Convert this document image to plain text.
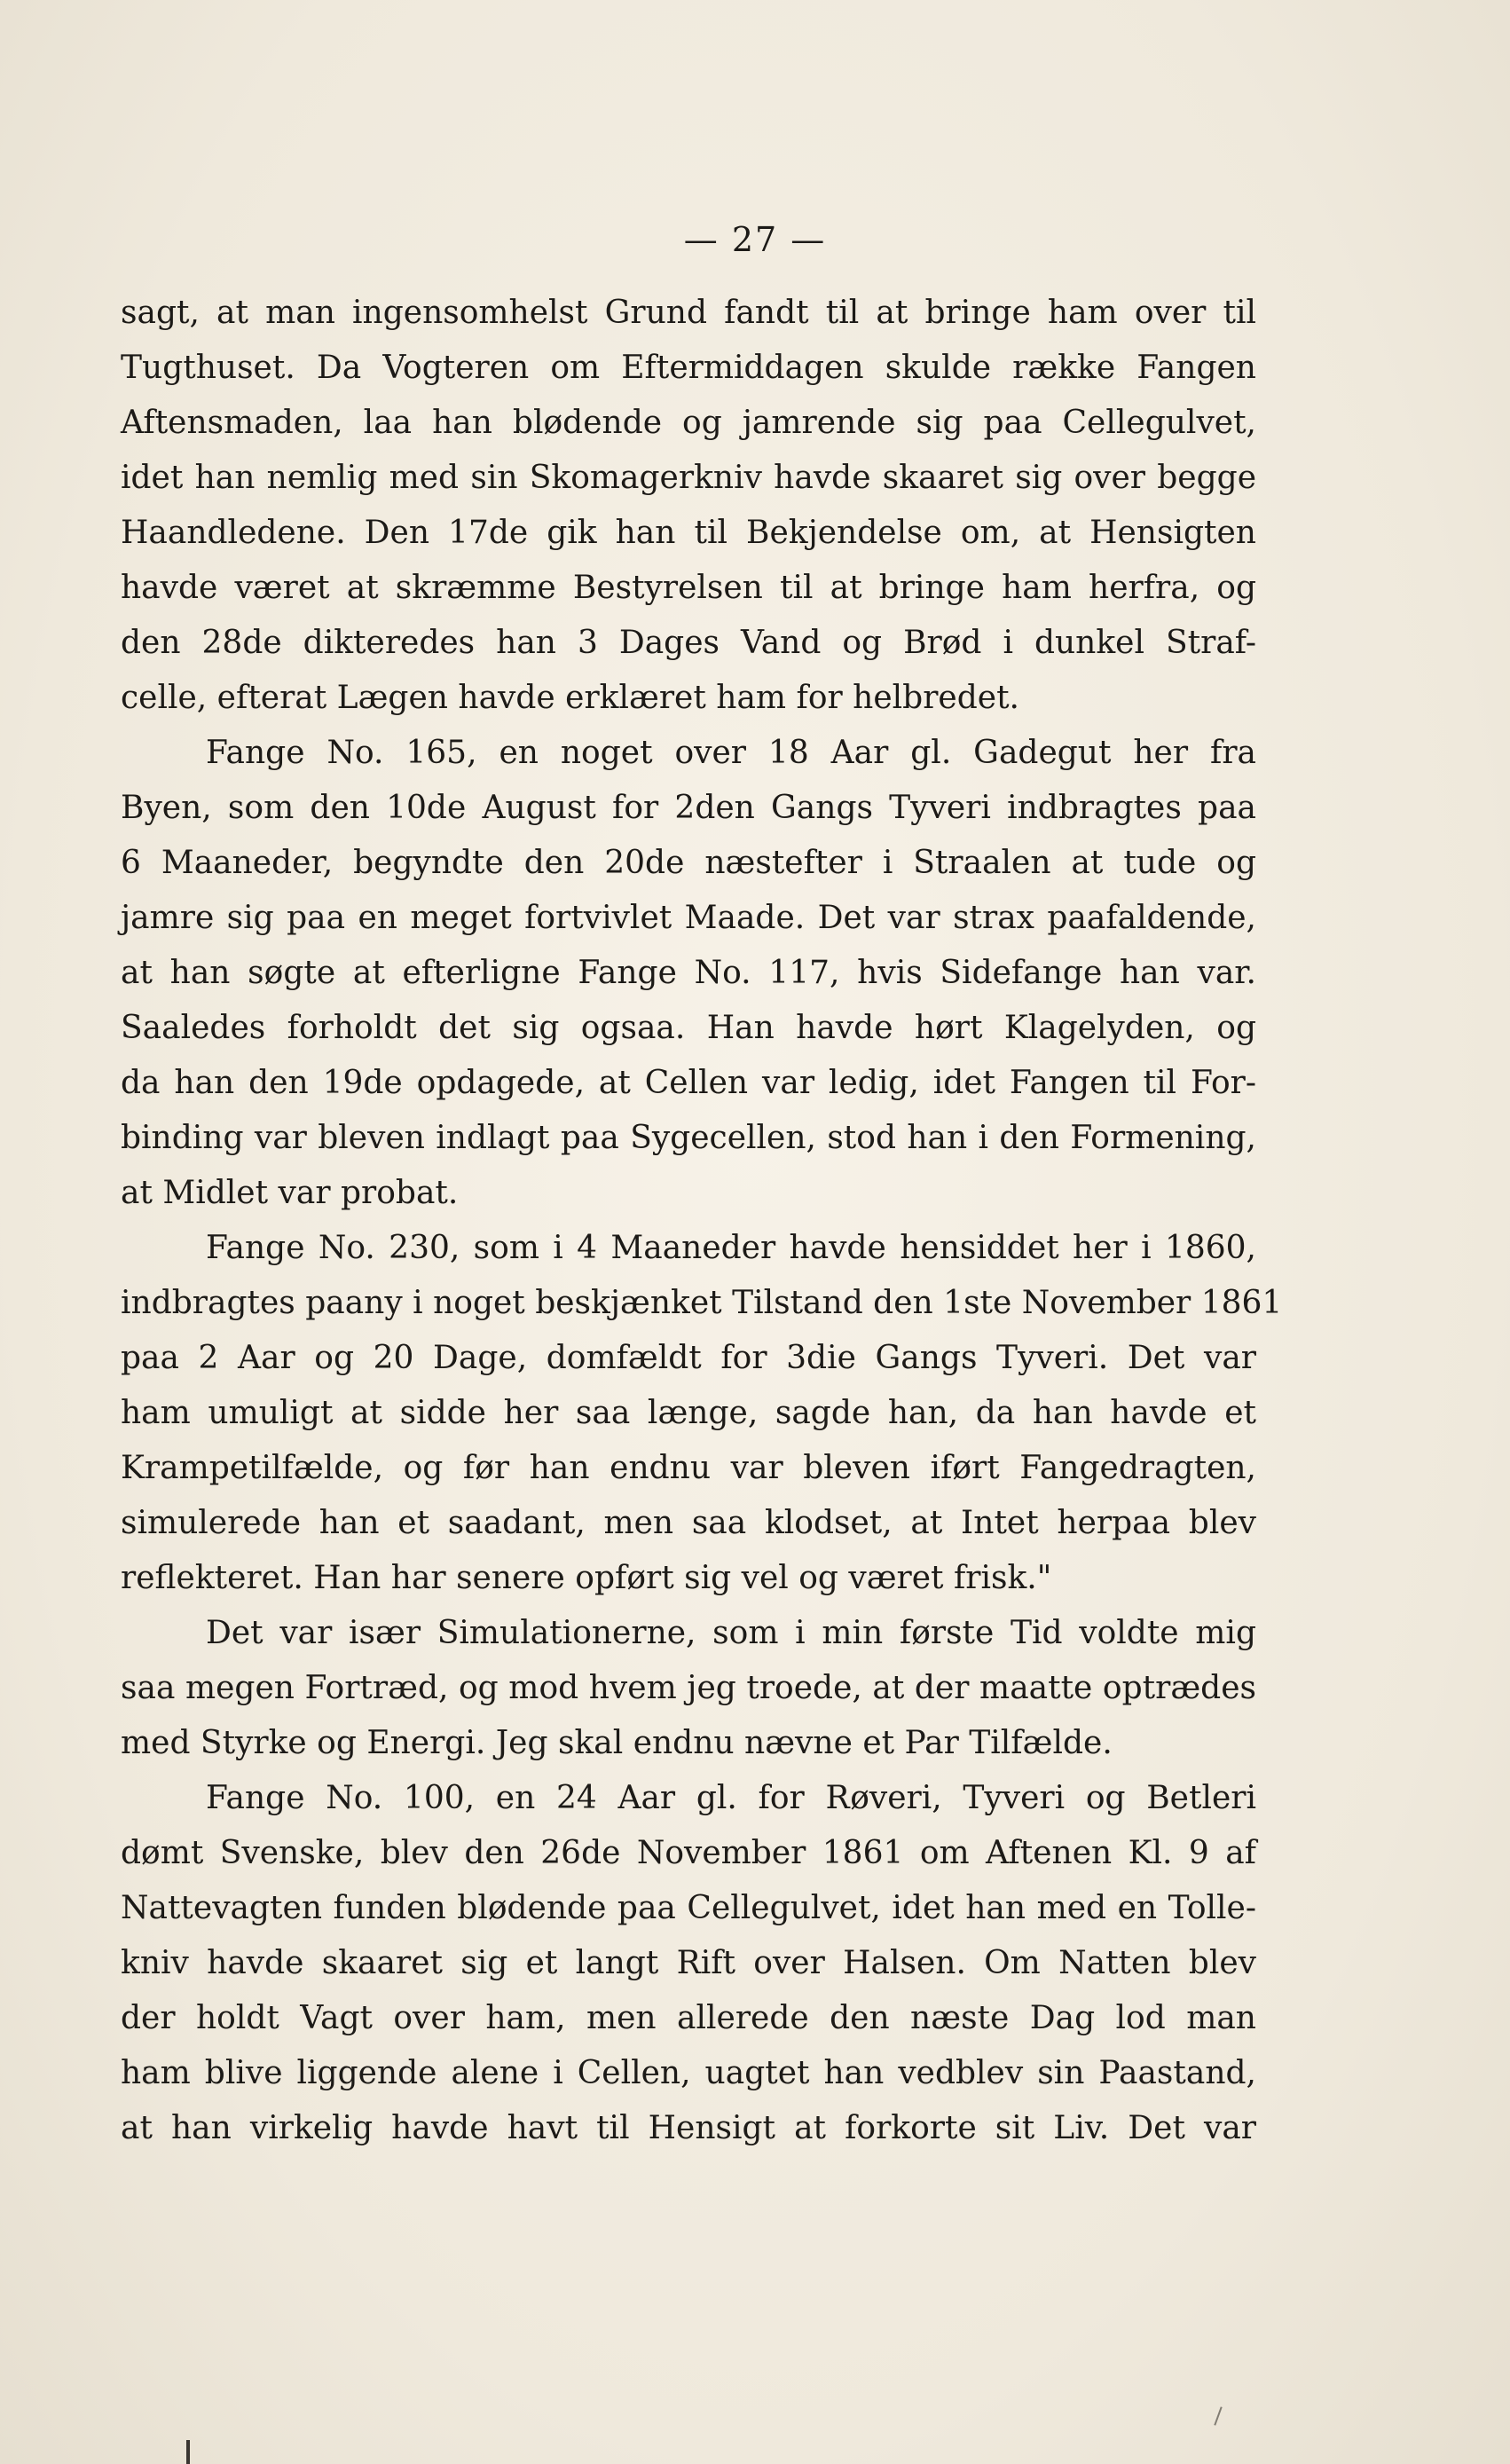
— 27 —
sagt, at man ingensomhelst Grund fandt til at bringe ham over til
Tugthuset. Da Vogteren om Eftermiddagen skulde række Fangen
Aftensmaden, laa han blødende og jamrende sig paa Cellegulvet,
idet han nemlig med sin Skomagerkniv havde skaaret sig over begge
Haandledene. Den 17de gik han til Bekjendelse om, at Hensigten
havde været at skræmme Bestyrelsen til at bringe ham herfra, og
den 28de dikteredes han 3 Dages Vand og Brød i dunkel Straf-
celle, efterat Lægen havde erklæret ham for helbredet.
Fange No. 165, en noget over 18 Aar gl. Gadegut her fra
Byen, som den 10de August for 2den Gangs Tyveri indbragtes paa
6 Maaneder, begyndte den 20de næstefter i Straalen at tude og
jamre sig paa en meget fortvivlet Maade. Det var strax paafaldende,
at han søgte at efterligne Fange No. 117, hvis Sidefange han var.
Saaledes forholdt det sig ogsaa. Han havde hørt Klagelyden, og
da han den 19de opdagede, at Cellen var ledig, idet Fangen til For-
binding var bleven indlagt paa Sygecellen, stod han i den Formening,
at Midlet var probat.
Fange No. 230, som i 4 Maaneder havde hensiddet her i 1860,
indbragtes paany i noget beskjænket Tilstand den 1ste November 1861
paa 2 Aar og 20 Dage, domfældt for 3die Gangs Tyveri. Det var
ham umuligt at sidde her saa længe, sagde han, da han havde et
Krampetilfælde, og før han endnu var bleven iført Fangedragten,
simulerede han et saadant, men saa klodset, at Intet herpaa blev
reflekteret. Han har senere opført sig vel og været frisk."
Det var især Simulationerne, som i min første Tid voldte mig
saa megen Fortræd, og mod hvem jeg troede, at der maatte optrædes
med Styrke og Energi. Jeg skal endnu nævne et Par Tilfælde.
Fange No. 100, en 24 Aar gl. for Røveri, Tyveri og Betleri
dømt Svenske, blev den 26de November 1861 om Aftenen Kl. 9 af
Nattevagten funden blødende paa Cellegulvet, idet han med en Tolle-
kniv havde skaaret sig et langt Rift over Halsen. Om Natten blev
der holdt Vagt over ham, men allerede den næste Dag lod man
ham blive liggende alene i Cellen, uagtet han vedblev sin Paastand,
at han virkelig havde havt til Hensigt at forkorte sit Liv. Det var
